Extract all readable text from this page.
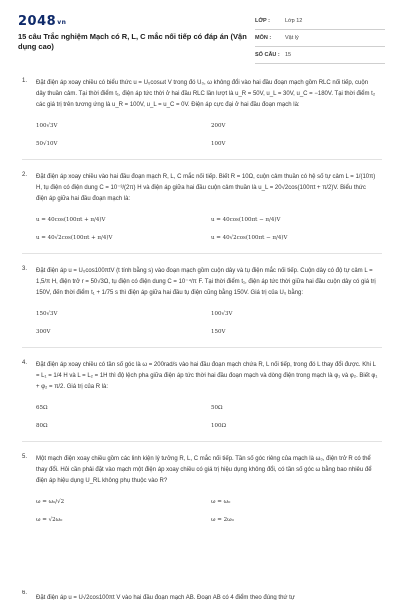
2048vn
15 câu Trắc nghiệm Mạch có R, L, C mắc nối tiếp có đáp án (Vận dụng cao)
LỚP :	Lớp 12
MÔN :	Vật lý
SỐ CÂU : 15
1. Đặt điện áp xoay chiều có biểu thức u = U₀cosωt V trong đó U₀, ω không đổi vào hai đầu đoạn mạch gồm RLC nối tiếp, cuộn dây thuần cảm. Tại thời điểm t₁, điện áp tức thời ở hai đầu RLC lần lượt là u_R = 50V, u_L = 30V, u_C = −180V. Tại thời điểm t₂ các giá trị trên tương ứng là u_R = 100V, u_L = u_C = 0V. Điện áp cực đại ở hai đầu đoạn mạch là:
100√3V	200V
50√10V	100V
2. Đặt điện áp xoay chiều vào hai đầu đoạn mạch R, L, C mắc nối tiếp. Biết R = 10Ω, cuộn cảm thuần có hệ số tự cảm L = 1/(10π) H, tụ điện có điện dung C = 10⁻³/(2π) H và điện áp giữa hai đầu cuộn cảm thuần là u_L = 20√2cos(100πt + π/2)V. Biểu thức điện áp giữa hai đầu đoạn mạch là:
u = 40cos(100πt + π/4)V	u = 40cos(100πt − π/4)V
u = 40√2cos(100πt + π/4)V	u = 40√2cos(100πt − π/4)V
3. Đặt điện áp u = U₀cos100πtV (t tính bằng s) vào đoạn mạch gồm cuộn dây và tụ điện mắc nối tiếp. Cuộn dây có độ tự cảm L = 1,5/π H, điện trở r = 50√3Ω, tụ điện có điện dung C = 10⁻⁴/π F. Tại thời điểm t₁, điện áp tức thời giữa hai đầu cuộn dây có giá trị 150V, đến thời điểm t₁ + 1/75 s thì điện áp giữa hai đầu tụ điện cũng bằng 150V. Giá trị của U₀ bằng:
150√3V	100√3V
300V	150V
4. Đặt điện áp xoay chiều có tần số góc là ω = 200rad/s vào hai đầu đoạn mạch chứa R, L nối tiếp, trong đó L thay đổi được. Khi L = L₁ = 1/4 H và L = L₂ = 1H thì độ lệch pha giữa điện áp tức thời hai đầu đoạn mạch và dòng điện trong mạch là φ₁ và φ₂. Biết φ₁ + φ₂ = π/2. Giá trị của R là:
65Ω	50Ω
80Ω	100Ω
5. Một mạch điện xoay chiều gồm các linh kiện lý tưởng R, L, C mắc nối tiếp. Tần số góc riêng của mạch là ω₀, điện trở R có thể thay đổi. Hỏi cần phải đặt vào mạch một điện áp xoay chiều có giá trị hiệu dụng không đổi, có tần số góc ω bằng bao nhiêu để điện áp hiệu dụng U_RL không phụ thuộc vào R?
ω = ω₀/√2	ω = ω₀
ω = √2ω₀	ω = 2ω₀
6.
Đặt điện áp u = U√2cos100πt V vào hai đầu đoạn mạch AB. Đoạn AB có 4 điểm theo đúng thứ tự
